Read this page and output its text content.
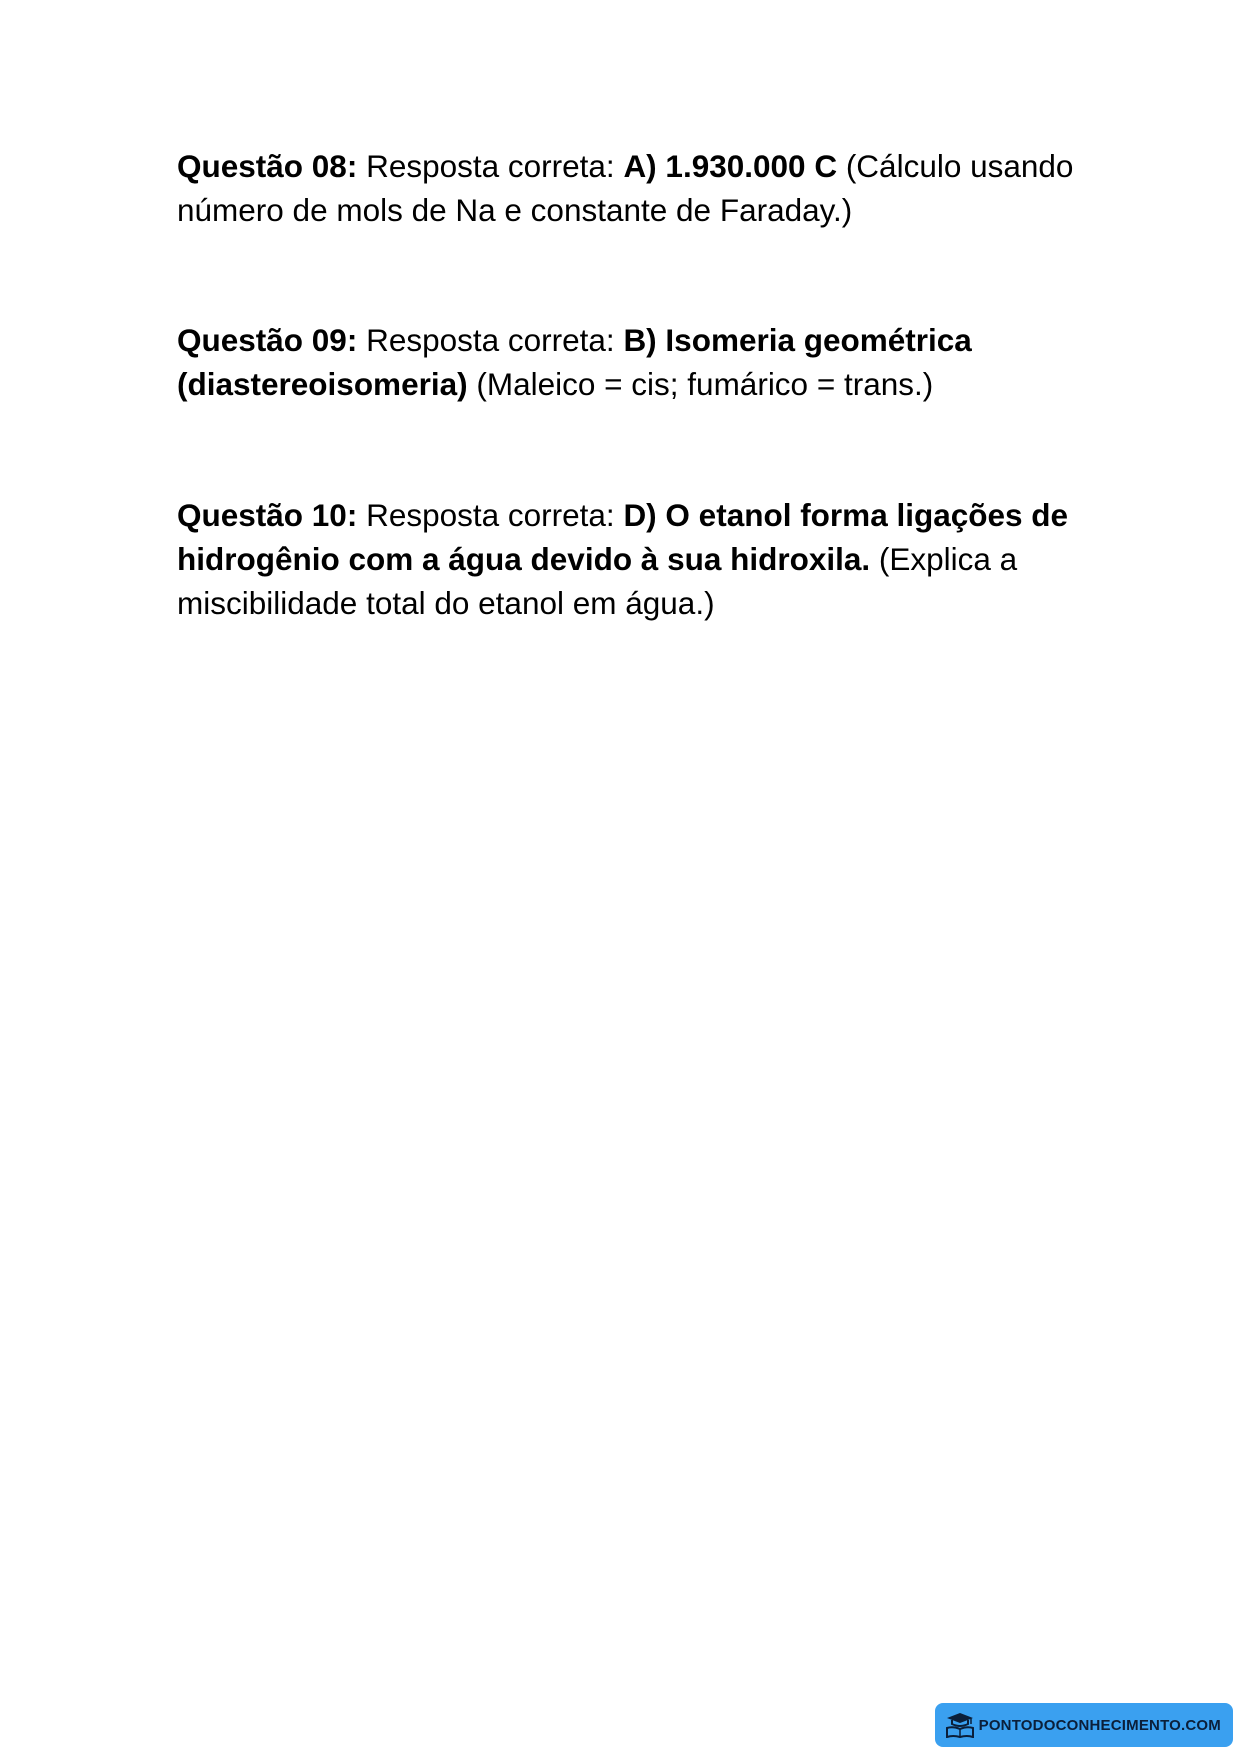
Questão 08: Resposta correta: A) 1.930.000 C (Cálculo usando número de mols de Na e constante de Faraday.)

Questão 09: Resposta correta: B) Isomeria geométrica (diastereoisomeria) (Maleico = cis; fumárico = trans.)

Questão 10: Resposta correta: D) O etanol forma ligações de hidrogênio com a água devido à sua hidroxila. (Explica a miscibilidade total do etanol em água.)

PONTODOCONHECIMENTO.COM
